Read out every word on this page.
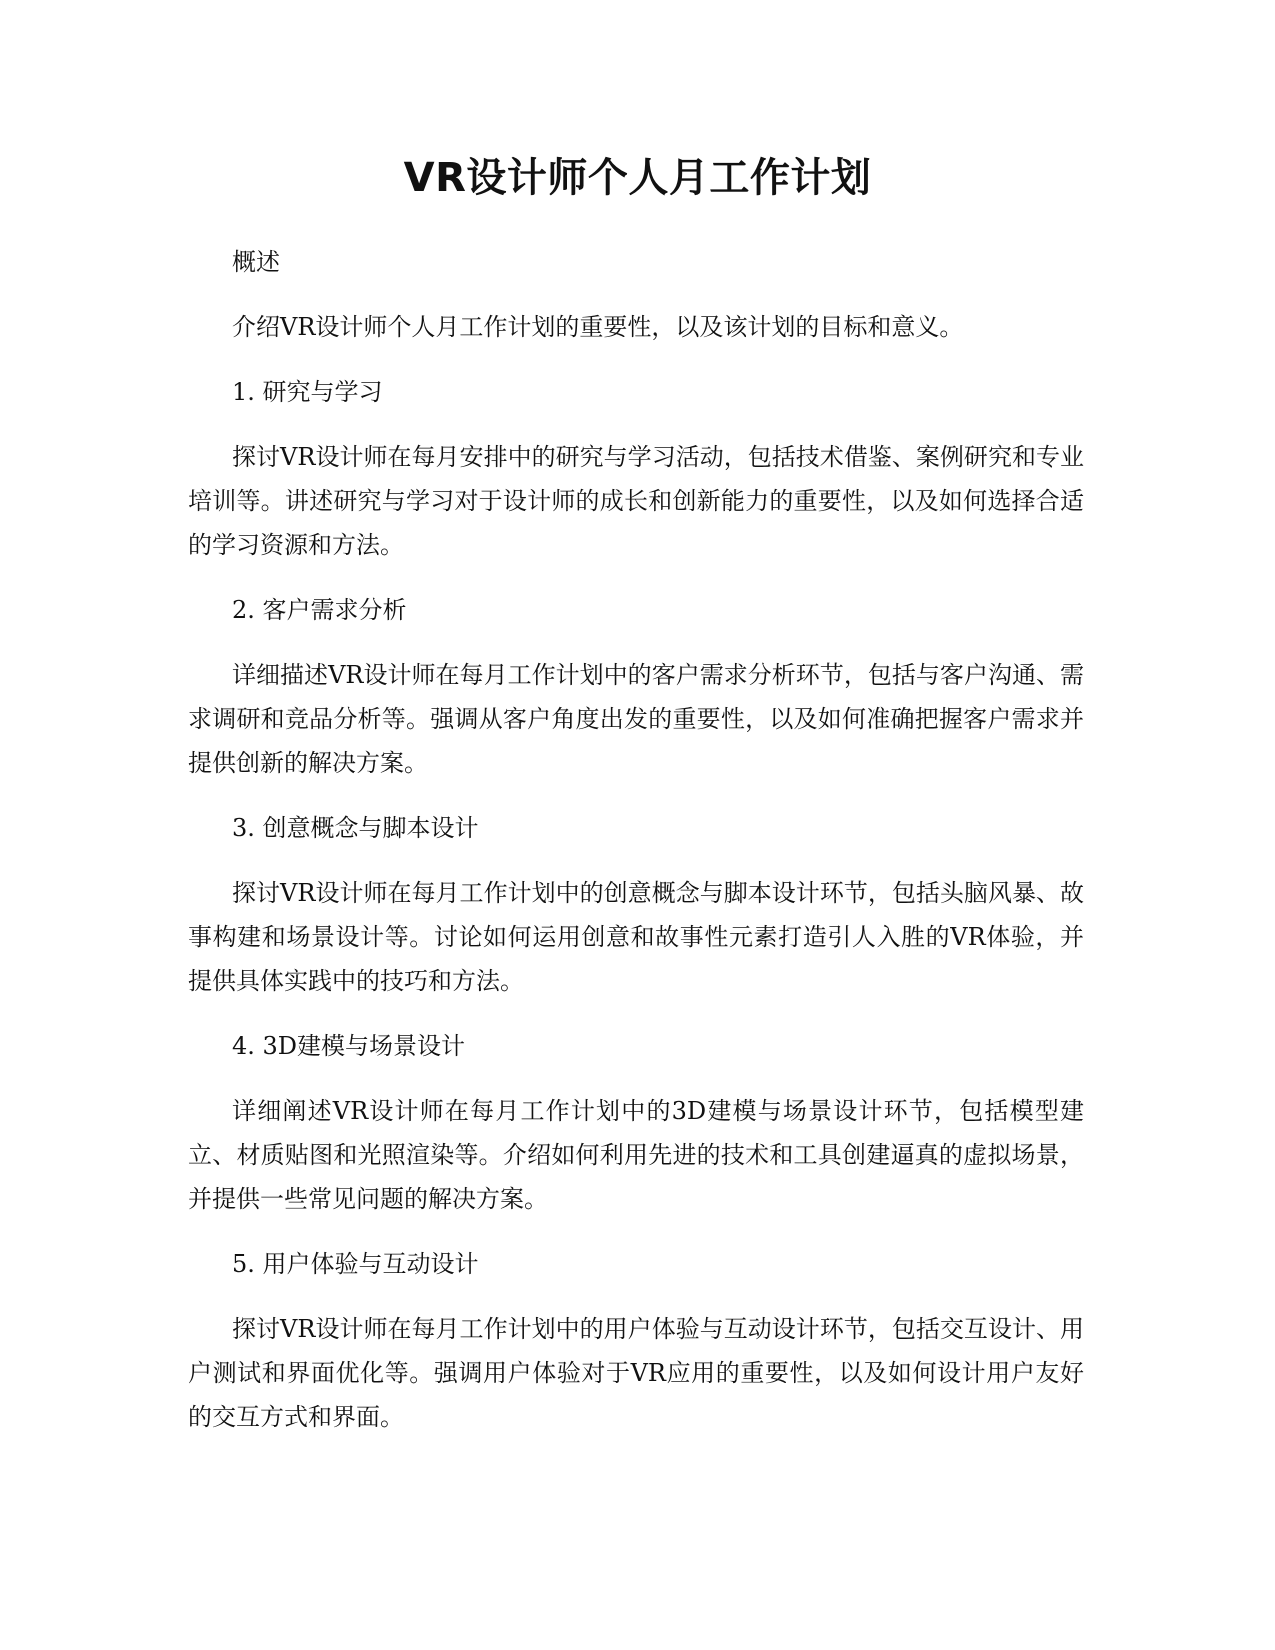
VR设计师个人月工作计划
概述
介绍VR设计师个人月工作计划的重要性，以及该计划的目标和意义。
1. 研究与学习
探讨VR设计师在每月安排中的研究与学习活动，包括技术借鉴、案例研究和专业培训等。讲述研究与学习对于设计师的成长和创新能力的重要性，以及如何选择合适的学习资源和方法。
2. 客户需求分析
详细描述VR设计师在每月工作计划中的客户需求分析环节，包括与客户沟通、需求调研和竞品分析等。强调从客户角度出发的重要性，以及如何准确把握客户需求并提供创新的解决方案。
3. 创意概念与脚本设计
探讨VR设计师在每月工作计划中的创意概念与脚本设计环节，包括头脑风暴、故事构建和场景设计等。讨论如何运用创意和故事性元素打造引人入胜的VR体验，并提供具体实践中的技巧和方法。
4. 3D建模与场景设计
详细阐述VR设计师在每月工作计划中的3D建模与场景设计环节，包括模型建立、材质贴图和光照渲染等。介绍如何利用先进的技术和工具创建逼真的虚拟场景，并提供一些常见问题的解决方案。
5. 用户体验与互动设计
探讨VR设计师在每月工作计划中的用户体验与互动设计环节，包括交互设计、用户测试和界面优化等。强调用户体验对于VR应用的重要性，以及如何设计用户友好的交互方式和界面。
